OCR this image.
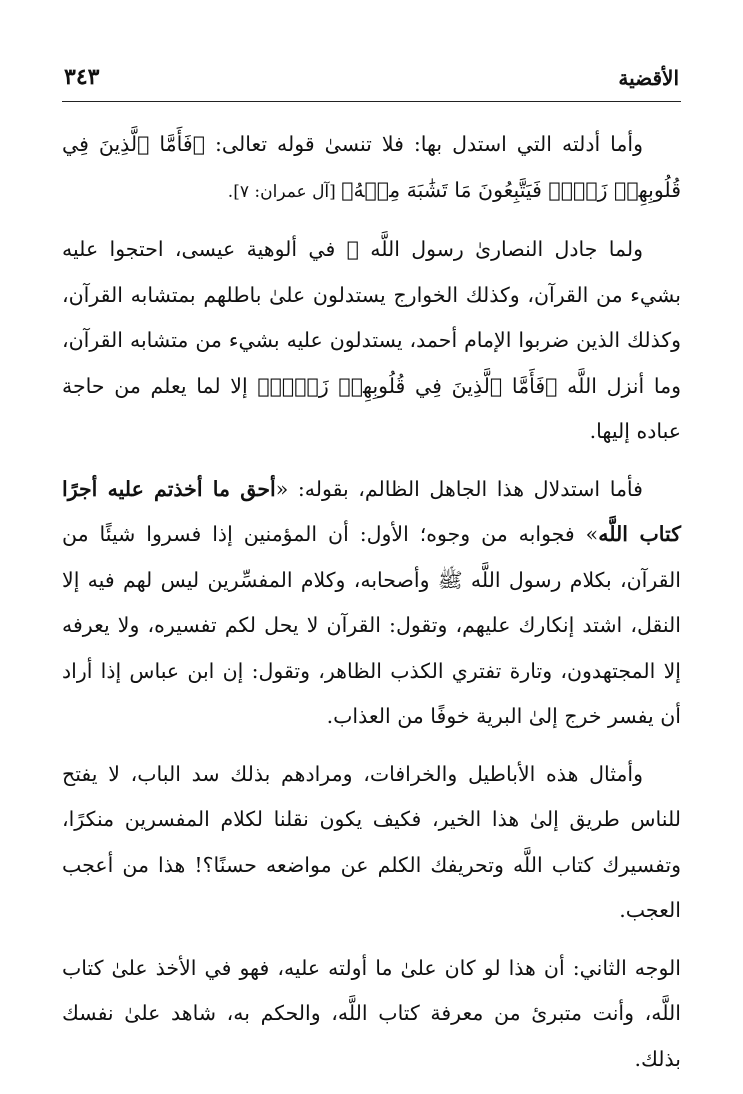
الأقضية
٣٤٣

وأما أدلته التي استدل بها: فلا تنسىٰ قوله تعالى: ﴿فَأَمَّا ٱلَّذِينَ فِي قُلُوبِهِمۡ زَيۡغٞ فَيَتَّبِعُونَ مَا تَشَٰبَهَ مِنۡهُ﴾ [آل عمران: ٧].

ولما جادل النصارىٰ رسول اللَّه ﷺ في ألوهية عيسى، احتجوا عليه بشيء من القرآن، وكذلك الخوارج يستدلون علىٰ باطلهم بمتشابه القرآن، وكذلك الذين ضربوا الإمام أحمد، يستدلون عليه بشيء من متشابه القرآن، وما أنزل اللَّه ﴿فَأَمَّا ٱلَّذِينَ فِي قُلُوبِهِمۡ زَيۡغٞ﴾ إلا لما يعلم من حاجة عباده إليها.

فأما استدلال هذا الجاهل الظالم، بقوله: «أحق ما أخذتم عليه أجرًا كتاب اللَّه» فجوابه من وجوه؛ الأول: أن المؤمنين إذا فسروا شيئًا من القرآن، بكلام رسول اللَّه ﷺ وأصحابه، وكلام المفسِّرين ليس لهم فيه إلا النقل، اشتد إنكارك عليهم، وتقول: القرآن لا يحل لكم تفسيره، ولا يعرفه إلا المجتهدون، وتارة تفتري الكذب الظاهر، وتقول: إن ابن عباس إذا أراد أن يفسر خرج إلىٰ البرية خوفًا من العذاب.

وأمثال هذه الأباطيل والخرافات، ومرادهم بذلك سد الباب، لا يفتح للناس طريق إلىٰ هذا الخير، فكيف يكون نقلنا لكلام المفسرين منكرًا، وتفسيرك كتاب اللَّه وتحريفك الكلم عن مواضعه حسنًا؟! هذا من أعجب العجب.

الوجه الثاني: أن هذا لو كان علىٰ ما أولته عليه، فهو في الأخذ علىٰ كتاب اللَّه، وأنت متبرئ من معرفة كتاب اللَّه، والحكم به، شاهد علىٰ نفسك بذلك.
